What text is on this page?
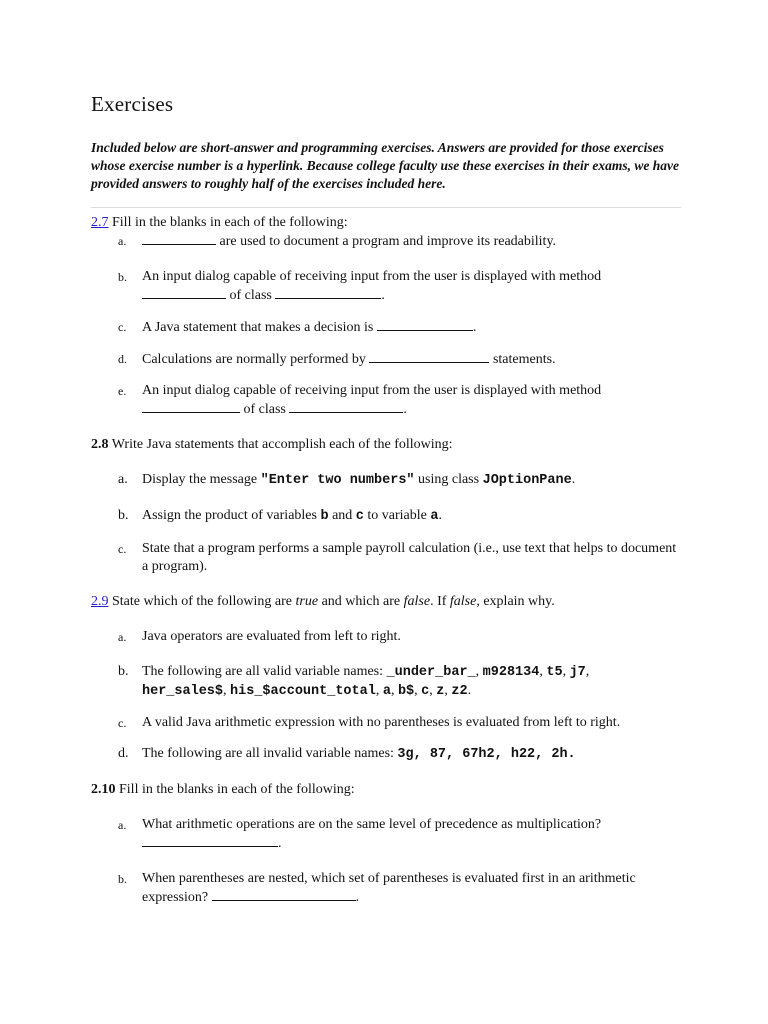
Exercises

Included below are short-answer and programming exercises. Answers are provided for those exercises whose exercise number is a hyperlink. Because college faculty use these exercises in their exams, we have provided answers to roughly half of the exercises included here.

2.7 Fill in the blanks in each of the following:

a.	are used to document a program and improve its readability.
b. An input dialog capable of receiving input from the user is displayed with method
of class	.
c. A Java statement that makes a decision is	.
d. Calculations are normally performed by	statements.
e. An input dialog capable of receiving input from the user is displayed with method
of class	.

2.8 Write Java statements that accomplish each of the following:

a. Display the message "Enter two numbers" using class JOptionPane.
b. Assign the product of variables b and c to variable a.
c. State that a program performs a sample payroll calculation (i.e., use text that helps to document a program).

2.9 State which of the following are true and which are false. If false, explain why.

a. Java operators are evaluated from left to right.
b. The following are all valid variable names: _under_bar_, m928134, t5, j7,
her_sales$, his_$account_total, a, b$, c, z, z2.
c. A valid Java arithmetic expression with no parentheses is evaluated from left to right.
d. The following are all invalid variable names: 3g, 87, 67h2, h22, 2h.

2.10 Fill in the blanks in each of the following:

a. What arithmetic operations are on the same level of precedence as multiplication?
.
b. When parentheses are nested, which set of parentheses is evaluated first in an arithmetic expression?	.
